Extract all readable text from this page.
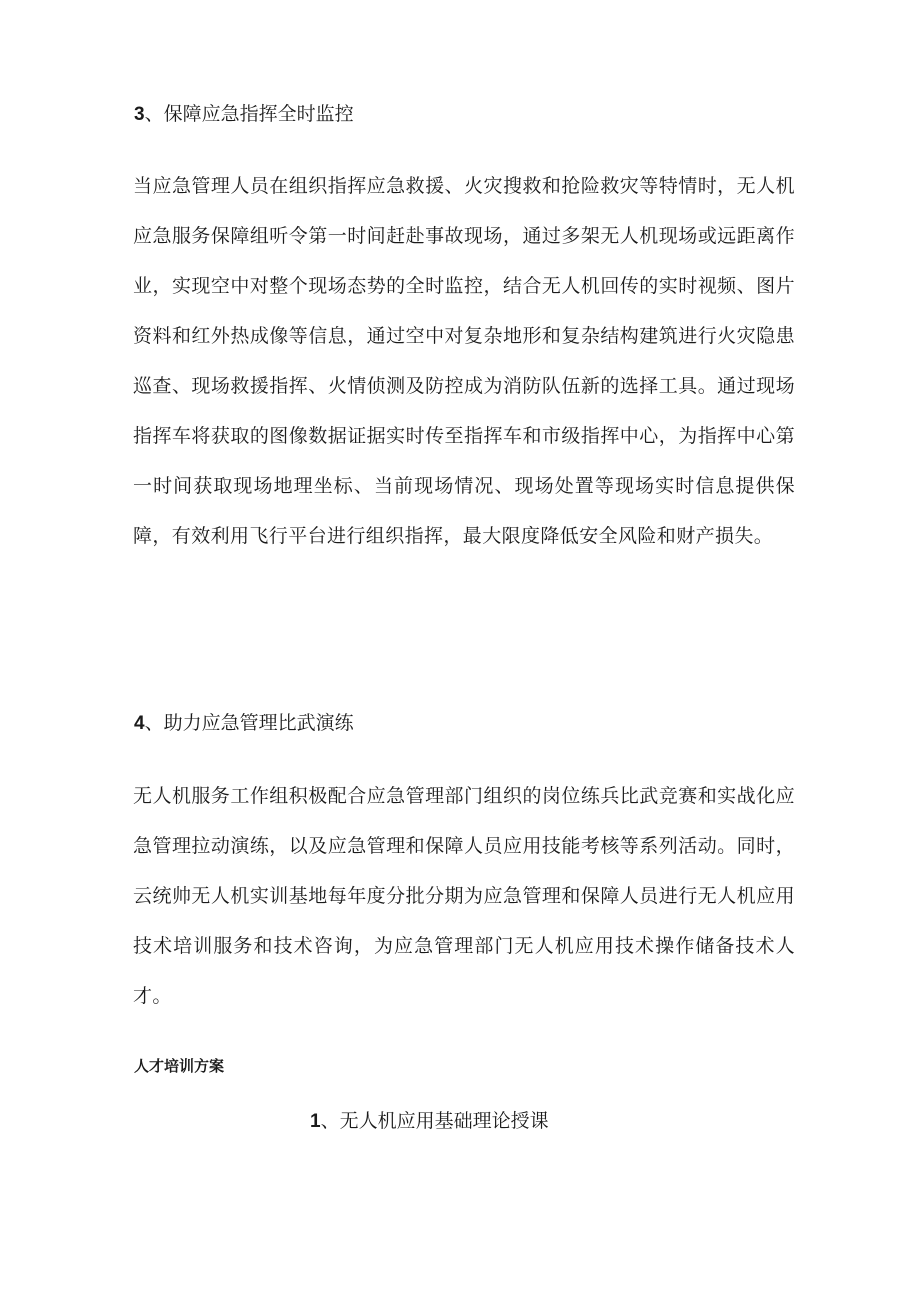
3、保障应急指挥全时监控
当应急管理人员在组织指挥应急救援、火灾搜救和抢险救灾等特情时，无人机应急服务保障组听令第一时间赶赴事故现场，通过多架无人机现场或远距离作业，实现空中对整个现场态势的全时监控，结合无人机回传的实时视频、图片资料和红外热成像等信息，通过空中对复杂地形和复杂结构建筑进行火灾隐患巡查、现场救援指挥、火情侦测及防控成为消防队伍新的选择工具。通过现场指挥车将获取的图像数据证据实时传至指挥车和市级指挥中心，为指挥中心第一时间获取现场地理坐标、当前现场情况、现场处置等现场实时信息提供保障，有效利用飞行平台进行组织指挥，最大限度降低安全风险和财产损失。
4、助力应急管理比武演练
无人机服务工作组积极配合应急管理部门组织的岗位练兵比武竞赛和实战化应急管理拉动演练，以及应急管理和保障人员应用技能考核等系列活动。同时，云统帅无人机实训基地每年度分批分期为应急管理和保障人员进行无人机应用技术培训服务和技术咨询，为应急管理部门无人机应用技术操作储备技术人才。
人才培训方案
1、无人机应用基础理论授课
